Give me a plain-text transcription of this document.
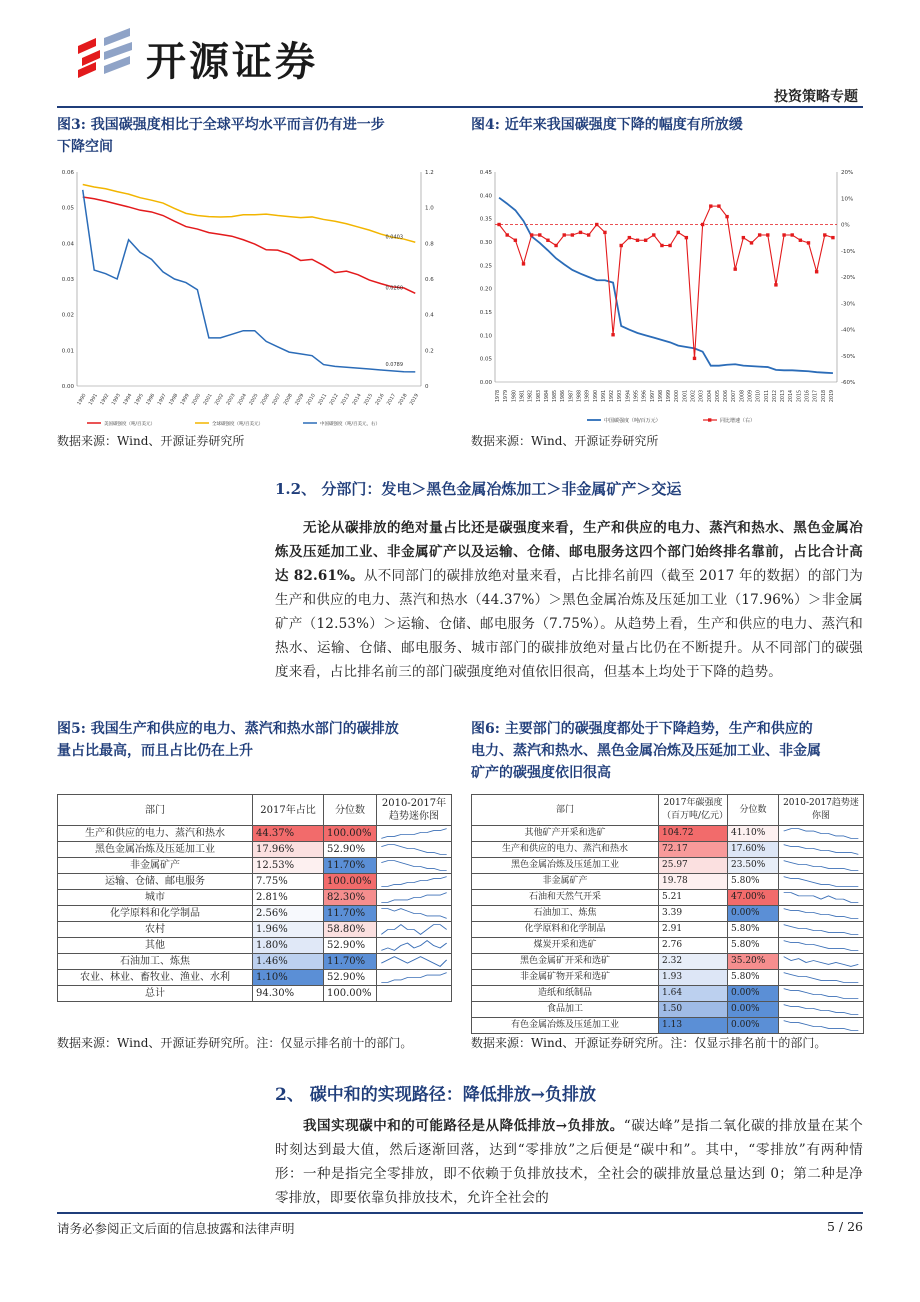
开源证券
投资策略专题
图3: 我国碳强度相比于全球平均水平而言仍有进一步
下降空间
0.00
0.01
0.02
0.03
0.04
0.05
0.06
0
0.2
0.4
0.6
0.8
1.0
1.2
1990 1991 1992 1993 1994 1995 1996 1997 1998 1999 2000 2001 2002 2003 2004 2005 2006 2007 2008 2009 2010 2011 2012 2013 2014 2015 2016 2017 2018 2019
美国碳强度（吨/百美元）	全球碳强度（吨/百美元）	中国碳强度（吨/百美元，右）
0.0403
0.0260
0.0789
数据来源：Wind、开源证券研究所
图4: 近年来我国碳强度下降的幅度有所放缓
0.00
0.05
0.10
0.15
0.20
0.25
0.30
0.35
0.40
0.45	20%
10%
0%
-10%
-20%
-30%
-40%
-50%
-60%
1978 1979 1980 1981 1982 1983 1984 1985 1986 1987 1988 1989 1990 1991 1992 1993 1994 1995 1996 1997 1998 1999 2000 2001 2002 2003 2004 2005 2006 2007 2008 2009 2010 2011 2012 2013 2014 2015 2016 2017 2018 2019
中国碳强度（吨/百万元）	同比增速（右）
数据来源：Wind、开源证券研究所
1.2、 分部门：发电＞黑色金属冶炼加工＞非金属矿产＞交运
无论从碳排放的绝对量占比还是碳强度来看，生产和供应的电力、蒸汽和热水、黑色金属冶炼及压延加工业、非金属矿产以及运输、仓储、邮电服务这四个部门始终排名靠前，占比合计高达 82.61%。从不同部门的碳排放绝对量来看，占比排名前四（截至 2017 年的数据）的部门为生产和供应的电力、蒸汽和热水（44.37%）＞黑色金属冶炼及压延加工业（17.96%）＞非金属矿产（12.53%）＞运输、仓储、邮电服务（7.75%）。从趋势上看，生产和供应的电力、蒸汽和热水、运输、仓储、邮电服务、城市部门的碳排放绝对量占比仍在不断提升。从不同部门的碳强度来看，占比排名前三的部门碳强度绝对值依旧很高，但基本上均处于下降的趋势。
图5: 我国生产和供应的电力、蒸汽和热水部门的碳排放
量占比最高，而且占比仍在上升
部门	2017年占比	分位数	2010-2017年趋势迷你图
生产和供应的电力、蒸汽和热水	44.37%	100.00%	

黑色金属冶炼及压延加工业	17.96%	52.90%	

非金属矿产	12.53%	11.70%	

运输、仓储、邮电服务	7.75%	100.00%	

城市	2.81%	82.30%	

化学原料和化学制品	2.56%	11.70%	

农村	1.96%	58.80%	

其他	1.80%	52.90%	

石油加工、炼焦	1.46%	11.70%	

农业、林业、畜牧业、渔业、水利	1.10%	52.90%	

总计	94.30%	100.00%	
数据来源：Wind、开源证券研究所。注：仅显示排名前十的部门。
图6: 主要部门的碳强度都处于下降趋势，生产和供应的
电力、蒸汽和热水、黑色金属冶炼及压延加工业、非金属
矿产的碳强度依旧很高
部门	2017年碳强度（百万吨/亿元）	分位数	2010-2017趋势迷你图
其他矿产开采和选矿	104.72	41.10%	

生产和供应的电力、蒸汽和热水	72.17	17.60%	

黑色金属冶炼及压延加工业	25.97	23.50%	

非金属矿产	19.78	5.80%	

石油和天然气开采	5.21	47.00%	

石油加工、炼焦	3.39	0.00%	

化学原料和化学制品	2.91	5.80%	

煤炭开采和选矿	2.76	5.80%	

黑色金属矿开采和选矿	2.32	35.20%	

非金属矿物开采和选矿	1.93	5.80%	

造纸和纸制品	1.64	0.00%	

食品加工	1.50	0.00%	

有色金属冶炼及压延加工业	1.13	0.00%	
数据来源：Wind、开源证券研究所。注：仅显示排名前十的部门。
2、 碳中和的实现路径：降低排放→负排放
我国实现碳中和的可能路径是从降低排放→负排放。“碳达峰”是指二氧化碳的排放量在某个时刻达到最大值，然后逐渐回落，达到“零排放”之后便是“碳中和”。其中，“零排放”有两种情形：一种是指完全零排放，即不依赖于负排放技术，全社会的碳排放量总量达到 0；第二种是净零排放，即要依靠负排放技术，允许全社会的
请务必参阅正文后面的信息披露和法律声明	5 / 26
